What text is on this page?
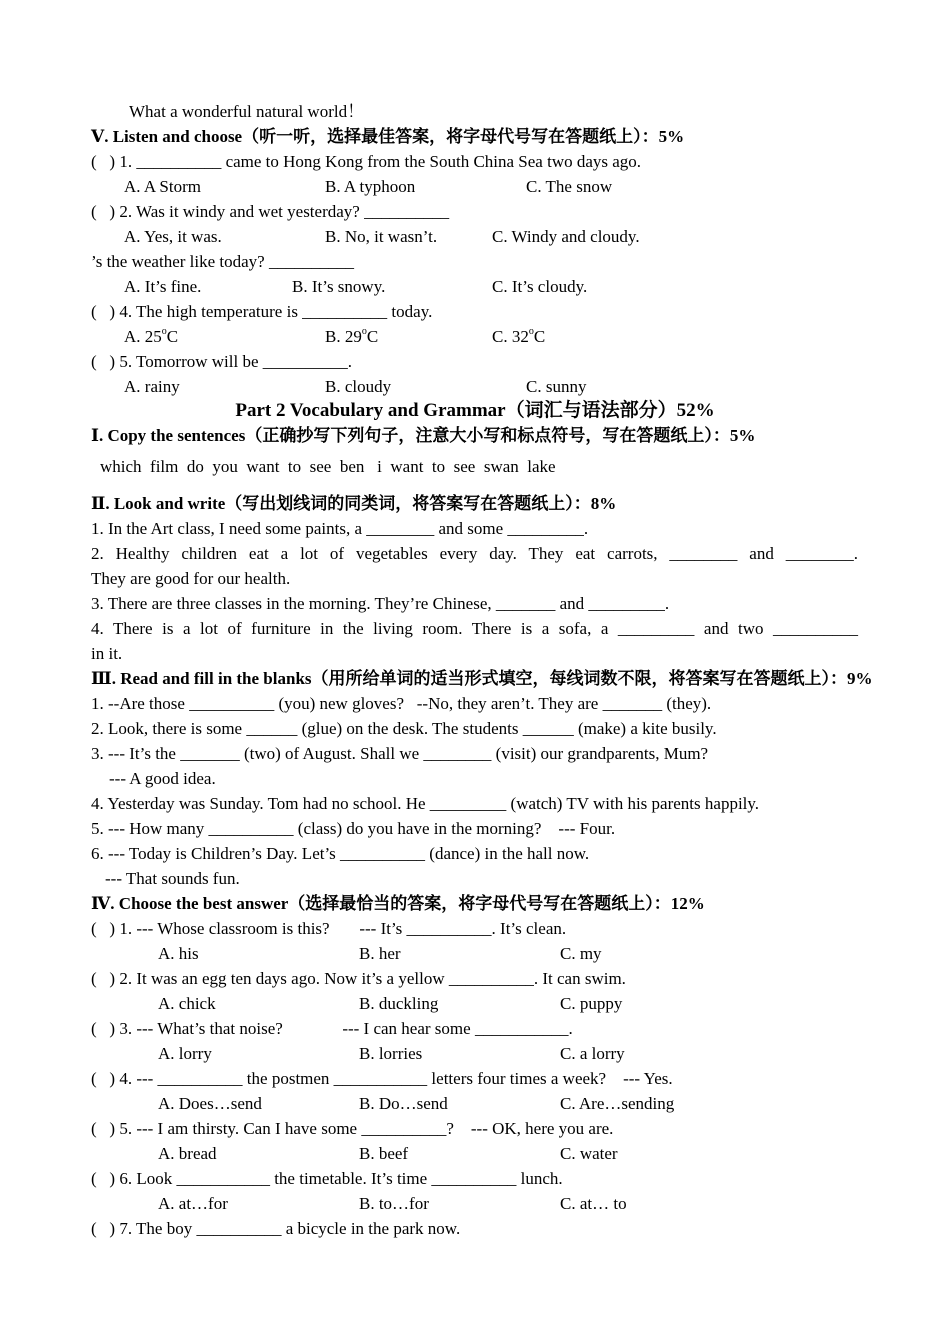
What a wonderful natural world！
Ⅴ. Listen and choose（听一听，选择最佳答案，将字母代号写在答题纸上）：5%
(   ) 1. __________ came to Hong Kong from the South China Sea two days ago.
A. A Storm	B. A typhoon	C. The snow
(   ) 2. Was it windy and wet yesterday? __________
A. Yes, it was.	B. No, it wasn’t.	C. Windy and cloudy.
’s the weather like today? __________
A. It’s fine.	B. It’s snowy.	C. It’s cloudy.
(   ) 4. The high temperature is __________ today.
A. 25$^o$C	B. 29$^o$C	C. 32$^o$C
(   ) 5. Tomorrow will be __________.
A. rainy	B. cloudy	C. sunny
Part 2 Vocabulary and Grammar（词汇与语法部分）52%
Ⅰ. Copy the sentences（正确抄写下列句子，注意大小写和标点符号，写在答题纸上）：5%
which  film  do  you  want  to  see  ben   i  want  to  see  swan  lake
Ⅱ. Look and write（写出划线词的同类词，将答案写在答题纸上）：8%
1. In the Art class, I need some paints, a ________ and some _________.
2. Healthy children eat a lot of vegetables every day. They eat carrots, ________ and ________.
They are good for our health.
3. There are three classes in the morning. They’re Chinese, _______ and _________.
4. There is a lot of furniture in the living room. There is a sofa, a _________ and two __________
in it.
Ⅲ. Read and fill in the blanks（用所给单词的适当形式填空，每线词数不限，将答案写在答题纸上）：9%
1. --Are those __________ (you) new gloves?   --No, they aren’t. They are _______ (they).
2. Look, there is some ______ (glue) on the desk. The students ______ (make) a kite busily.
3. --- It’s the _______ (two) of August. Shall we ________ (visit) our grandparents, Mum?
--- A good idea.
4. Yesterday was Sunday. Tom had no school. He _________ (watch) TV with his parents happily.
5. --- How many __________ (class) do you have in the morning?    --- Four.
6. --- Today is Children’s Day. Let’s __________ (dance) in the hall now.
--- That sounds fun.
Ⅳ. Choose the best answer（选择最恰当的答案，将字母代号写在答题纸上）：12%
(   ) 1. --- Whose classroom is this?       --- It’s __________. It’s clean.
A. his	B. her	C. my
(   ) 2. It was an egg ten days ago. Now it’s a yellow __________. It can swim.
A. chick	B. duckling	C. puppy
(   ) 3. --- What’s that noise?              --- I can hear some ___________.
A. lorry	B. lorries	C. a lorry
(   ) 4. --- __________ the postmen ___________ letters four times a week?    --- Yes.
A. Does…send	B. Do…send	C. Are…sending
(   ) 5. --- I am thirsty. Can I have some __________?    --- OK, here you are.
A. bread	B. beef	C. water
(   ) 6. Look ___________ the timetable. It’s time __________ lunch.
A. at…for	B. to…for	C. at… to
(   ) 7. The boy __________ a bicycle in the park now.
